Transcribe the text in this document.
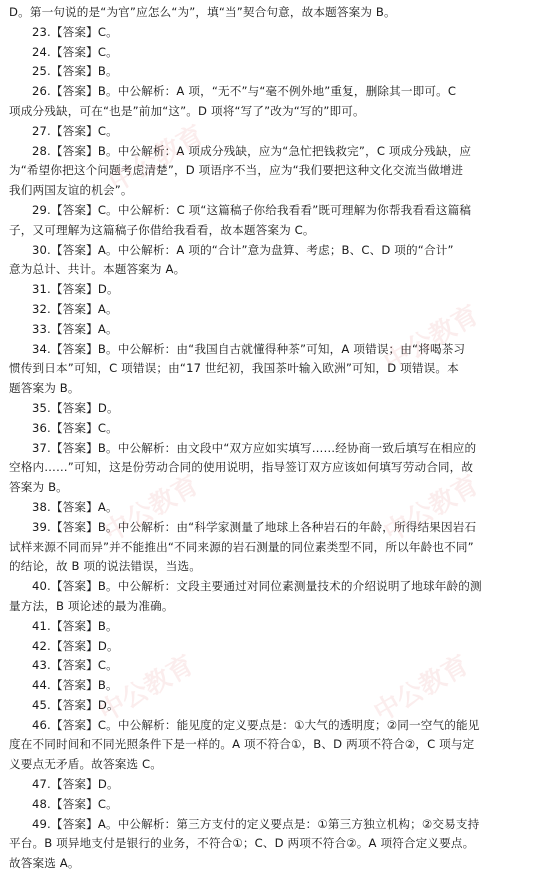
D。第一句说的是“为官”应怎么“为”，填“当”契合句意，故本题答案为 B。
23.【答案】C。
24.【答案】C。
25.【答案】B。
26.【答案】B。中公解析：A 项，“无不”与“毫不例外地”重复，删除其一即可。C
项成分残缺，可在“也是”前加“这”。D 项将“写了”改为“写的”即可。
27.【答案】C。
28.【答案】B。中公解析：A 项成分残缺，应为“急忙把钱救完”，C 项成分残缺，应
为“希望你把这个问题考虑清楚”，D 项语序不当，应为“我们要把这种文化交流当做增进
我们两国友谊的机会”。
29.【答案】C。中公解析：C 项“这篇稿子你给我看看”既可理解为你帮我看看这篇稿
子，又可理解为这篇稿子你借给我看看，故本题答案为 C。
30.【答案】A。中公解析：A 项的“合计”意为盘算、考虑；B、C、D 项的“合计”
意为总计、共计。本题答案为 A。
31.【答案】D。
32.【答案】A。
33.【答案】A。
34.【答案】B。中公解析：由“我国自古就懂得种茶”可知，A 项错误；由“将喝茶习
惯传到日本”可知，C 项错误；由“17 世纪初，我国茶叶输入欧洲”可知，D 项错误。本
题答案为 B。
35.【答案】D。
36.【答案】C。
37.【答案】B。中公解析：由文段中“双方应如实填写……经协商一致后填写在相应的
空格内……”可知，这是份劳动合同的使用说明，指导签订双方应该如何填写劳动合同，故
答案为 B。
38.【答案】A。
39.【答案】B。中公解析：由“科学家测量了地球上各种岩石的年龄，所得结果因岩石
试样来源不同而异”并不能推出“不同来源的岩石测量的同位素类型不同，所以年龄也不同”
的结论，故 B 项的说法错误，当选。
40.【答案】B。中公解析：文段主要通过对同位素测量技术的介绍说明了地球年龄的测
量方法，B 项论述的最为准确。
41.【答案】B。
42.【答案】D。
43.【答案】C。
44.【答案】B。
45.【答案】D。
46.【答案】C。中公解析：能见度的定义要点是：①大气的透明度；②同一空气的能见
度在不同时间和不同光照条件下是一样的。A 项不符合①，B、D 两项不符合②，C 项与定
义要点无矛盾。故答案选 C。
47.【答案】D。
48.【答案】C。
49.【答案】A。中公解析：第三方支付的定义要点是：①第三方独立机构；②交易支持
平台。B 项异地支付是银行的业务，不符合①；C、D 两项不符合②。A 项符合定义要点。
故答案选 A。
中公教育
中公教育
中公教育	中公教育
中公教育	中公教育
